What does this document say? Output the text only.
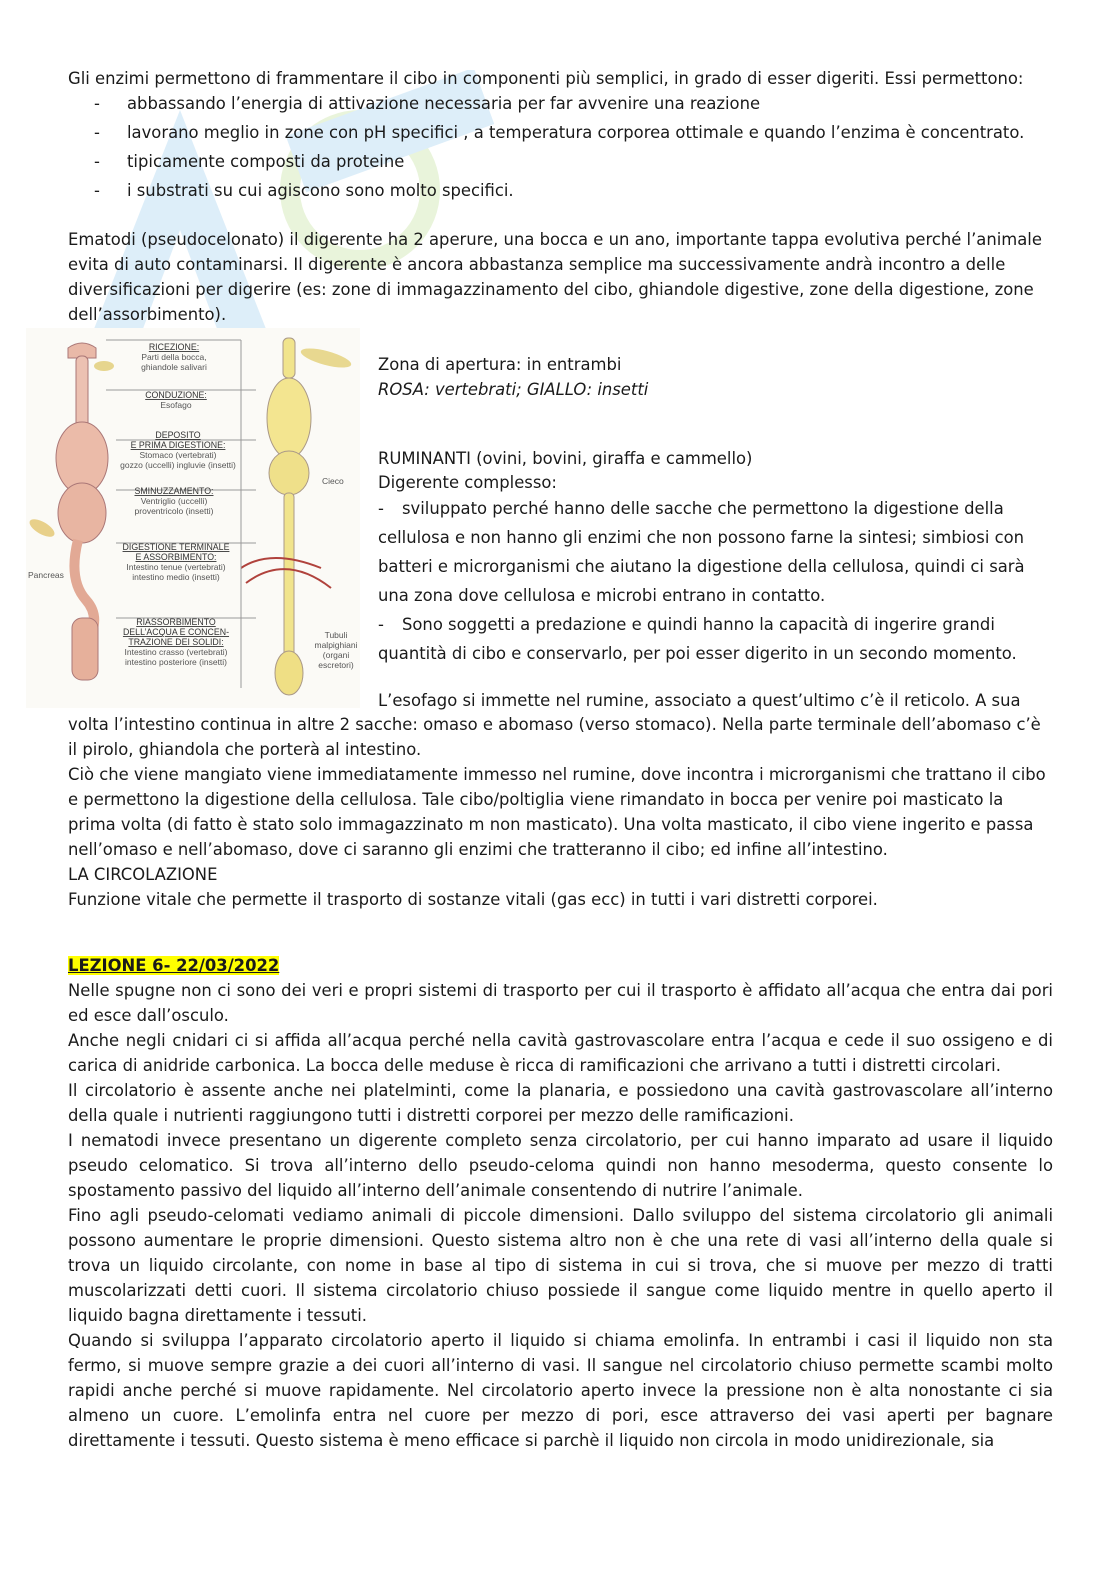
Gli enzimi permettono di frammentare il cibo in componenti più semplici, in grado di esser digeriti. Essi permettono:

- abbassando l’energia di attivazione necessaria per far avvenire una reazione
- lavorano meglio in zone con pH specifici , a temperatura corporea ottimale e quando l’enzima è concentrato.
- tipicamente composti da proteine
- i substrati su cui agiscono sono molto specifici.

Ematodi (pseudocelonato) il digerente ha 2 aperure, una bocca e un ano, importante tappa evolutiva perché l’animale evita di auto contaminarsi. Il digerente è ancora abbastanza semplice ma successivamente andrà incontro a delle diversificazioni per digerire (es: zone di immagazzinamento del cibo, ghiandole digestive, zone della digestione, zone dell’assorbimento).

RICEZIONE:
Parti della bocca,
ghiandole salivari
CONDUZIONE:
Esofago
DEPOSITO
E PRIMA DIGESTIONE:
Stomaco (vertebrati)
gozzo (uccelli) ingluvie (insetti)
SMINUZZAMENTO:
Ventriglio (uccelli)
proventricolo (insetti)
DIGESTIONE TERMINALE
E ASSORBIMENTO:
Intestino tenue (vertebrati)
intestino medio (insetti)
RIASSORBIMENTO
DELL’ACQUA E CONCEN-
TRAZIONE DEI SOLIDI:
Intestino crasso (vertebrati)
intestino posteriore (insetti)
Pancreas
Cieco
Tubuli
malpighiani
(organi
escretori)

Zona di apertura: in entrambi

ROSA: vertebrati; GIALLO: insetti

RUMINANTI (ovini, bovini, giraffa e cammello)

Digerente complesso:

- sviluppato perché hanno delle sacche che permettono la digestione della cellulosa e non hanno gli enzimi che non possono farne la sintesi; simbiosi con batteri e microrganismi che aiutano la digestione della cellulosa, quindi ci sarà una zona dove cellulosa e microbi entrano in contatto.
- Sono soggetti a predazione e quindi hanno la capacità di ingerire grandi quantità di cibo e conservarlo, per poi esser digerito in un secondo momento.

L’esofago si immette nel rumine, associato a quest’ultimo c’è il reticolo. A sua

volta l’intestino continua in altre 2 sacche: omaso e abomaso (verso stomaco). Nella parte terminale dell’abomaso c’è il pirolo, ghiandola che porterà al intestino.

Ciò che viene mangiato viene immediatamente immesso nel rumine, dove incontra i microrganismi che trattano il cibo e permettono la digestione della cellulosa. Tale cibo/poltiglia viene rimandato in bocca per venire poi masticato la prima volta (di fatto è stato solo immagazzinato m non masticato). Una volta masticato, il cibo viene ingerito e passa nell’omaso e nell’abomaso, dove ci saranno gli enzimi che tratteranno il cibo; ed infine all’intestino.

LA CIRCOLAZIONE

Funzione vitale che permette il trasporto di sostanze vitali (gas ecc) in tutti i vari distretti corporei.

LEZIONE 6- 22/03/2022

Nelle spugne non ci sono dei veri e propri sistemi di trasporto per cui il trasporto è affidato all’acqua che entra dai pori ed esce dall’osculo.

Anche negli cnidari ci si affida all’acqua perché nella cavità gastrovascolare entra l’acqua e cede il suo ossigeno e di carica di anidride carbonica. La bocca delle meduse è ricca di ramificazioni che arrivano a tutti i distretti circolari.

Il circolatorio è assente anche nei platelminti, come la planaria, e possiedono una cavità gastrovascolare all’interno della quale i nutrienti raggiungono tutti i distretti corporei per mezzo delle ramificazioni.

I nematodi invece presentano un digerente completo senza circolatorio, per cui hanno imparato ad usare il liquido pseudo celomatico. Si trova all’interno dello pseudo-celoma quindi non hanno mesoderma, questo consente lo spostamento passivo del liquido all’interno dell’animale consentendo di nutrire l’animale.

Fino agli pseudo-celomati vediamo animali di piccole dimensioni. Dallo sviluppo del sistema circolatorio gli animali possono aumentare le proprie dimensioni. Questo sistema altro non è che una rete di vasi all’interno della quale si trova un liquido circolante, con nome in base al tipo di sistema in cui si trova, che si muove per mezzo di tratti muscolarizzati detti cuori. Il sistema circolatorio chiuso possiede il sangue come liquido mentre in quello aperto il liquido bagna direttamente i tessuti.

Quando si sviluppa l’apparato circolatorio aperto il liquido si chiama emolinfa. In entrambi i casi il liquido non sta fermo, si muove sempre grazie a dei cuori all’interno di vasi. Il sangue nel circolatorio chiuso permette scambi molto rapidi anche perché si muove rapidamente. Nel circolatorio aperto invece la pressione non è alta nonostante ci sia almeno un cuore. L’emolinfa entra nel cuore per mezzo di pori, esce attraverso dei vasi aperti per bagnare direttamente i tessuti. Questo sistema è meno efficace si parchè il liquido non circola in modo unidirezionale, sia
